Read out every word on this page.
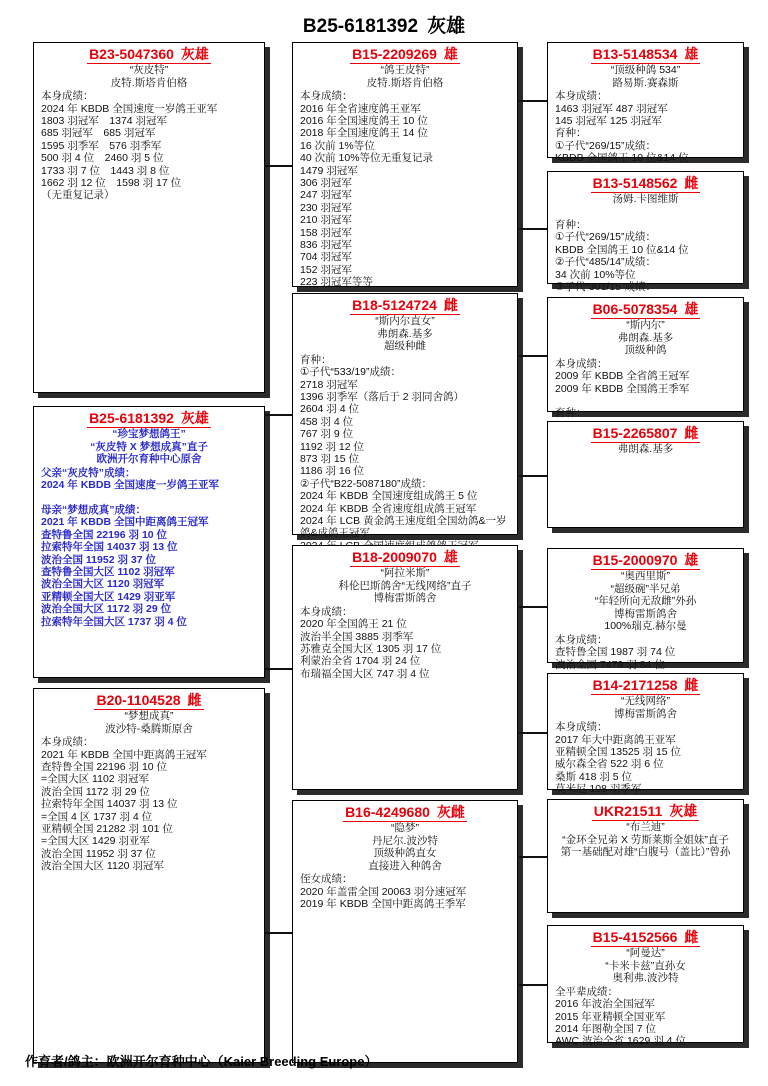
B25-6181392 灰雄
B23-5047360 灰雄
“灰皮特”
皮特.斯塔肯伯格
本身成绩：
2024 年 KBDB 全国速度一岁鸽王亚军
1803 羽冠军　1374 羽冠军
685 羽冠军　685 羽冠军
1595 羽季军　576 羽季军
500 羽 4 位　2460 羽 5 位
1733 羽 7 位　1443 羽 8 位
1662 羽 12 位　1598 羽 17 位
（无重复记录）
B25-6181392 灰雄
“珍宝梦想鸽王”
“灰皮特 X 梦想成真”直子
欧洲开尔育种中心原舍
父亲“灰皮特”成绩：
2024 年 KBDB 全国速度一岁鸽王亚军
母亲“梦想成真”成绩：
2021 年 KBDB 全国中距离鸽王冠军
查特鲁全国 22196 羽 10 位
拉索特年全国 14037 羽 13 位
波治全国 11952 羽 37 位
查特鲁全国大区 1102 羽冠军
波治全国大区 1120 羽冠军
亚精顿全国大区 1429 羽亚军
波治全国大区 1172 羽 29 位
拉索特年全国大区 1737 羽 4 位
B20-1104528 雌
“梦想成真”
波沙特-桑腾斯原舍
本身成绩：
2021 年 KBDB 全国中距离鸽王冠军
查特鲁全国 22196 羽 10 位
=全国大区 1102 羽冠军
波治全国 1172 羽 29 位
拉索特年全国 14037 羽 13 位
=全国 4 区 1737 羽 4 位
亚精顿全国 21282 羽 101 位
=全国大区 1429 羽亚军
波治全国 11952 羽 37 位
波治全国大区 1120 羽冠军
B15-2209269 雄
“鸽王皮特”
皮特.斯塔肯伯格
本身成绩：
2016 年全省速度鸽王亚军
2016 年全国速度鸽王 10 位
2018 年全国速度鸽王 14 位
16 次前 1%等位
40 次前 10%等位无重复记录
1479 羽冠军
306 羽冠军
247 羽冠军
230 羽冠军
210 羽冠军
158 羽冠军
836 羽冠军
704 羽冠军
152 羽冠军
223 羽冠军等等
B18-5124724 雌
“斯内尔直女”
弗朗森.基多
超级种雌
育种：
①子代“533/19”成绩：
2718 羽冠军
1396 羽季军（落后于 2 羽同舍鸽）
2604 羽 4 位
458 羽 4 位
767 羽 9 位
1192 羽 12 位
873 羽 15 位
1186 羽 16 位
②子代“B22-5087180”成绩：
2024 年 KBDB 全国速度组成鸽王 5 位
2024 年 KBDB 全省速度组成鸽王冠军
2024 年 LCB 黄金鸽王速度组全国幼鸽&一岁鸽&成鸽王冠军
B18-2009070 雄
“阿拉米斯”
科伦巴斯鸽舍“无线网络”直子
博梅雷斯鸽舍
本身成绩：
2020 年全国鸽王 21 位
波治半全国 3885 羽季军
苏雅克全国大区 1305 羽 17 位
利蒙治全省 1704 羽 24 位
布瑞福全国大区 747 羽 4 位
B16-4249680 灰雌
“隐梦”
丹尼尔.波沙特
顶级种鸽直女
直接进入种鸽舍
侄女成绩：
2020 年盖雷全国 20063 羽分速冠军
2019 年 KBDB 全国中距离鸽王季军
B13-5148534 雄
“顶级种鸽 534”
路易斯.赛森斯
本身成绩：
1463 羽冠军 487 羽冠军
145 羽冠军 125 羽冠军
育种：
①子代“269/15”成绩：
KBDB 全国鸽王 10 位&14 位
B13-5148562 雌
汤姆.卡图维斯
育种：
①子代“269/15”成绩：
KBDB 全国鸽王 10 位&14 位
②子代“485/14”成绩：
34 次前 10%等位
③子代“301/15”成绩：
B06-5078354 雄
“斯内尔”
弗朗森.基多
顶级种鸽
本身成绩：
2009 年 KBDB 全省鸽王冠军
2009 年 KBDB 全国鸽王季军
育种：
B15-2265807 雌
弗朗森.基多
B15-2000970 雄
“奥西里斯”
“超级碗”半兄弟
“年轻所向无敌雌”外孙
博梅雷斯鸽舍
100%瑞克.赫尔曼
本身成绩：
查特鲁全国 1987 羽 74 位
波治全国 7479 羽 84 位
B14-2171258 雌
“无线网络”
博梅雷斯鸽舍
本身成绩：
2017 年大中距离鸽王亚军
亚精顿全国 13525 羽 15 位
威尔森全省 522 羽 6 位
桑斯 418 羽 5 位
莫米尼 108 羽季军
UKR21511 灰雄
“布兰迪”
“金环全兄弟 X 劳斯莱斯全姐妹”直子
第一基础配对雄“白腹号（盖比）”曾孙
B15-4152566 雌
“阿曼达”
“卡米卡兹”直孙女
奥利弗.波沙特
全平辈成绩：
2016 年波治全国冠军
2015 年亚精顿全国亚军
2014 年图勒全国 7 位
AWC 波治全省 1629 羽 4 位
作育者/鸽主：欧洲开尔育种中心（Kaier Breeding Europe）
